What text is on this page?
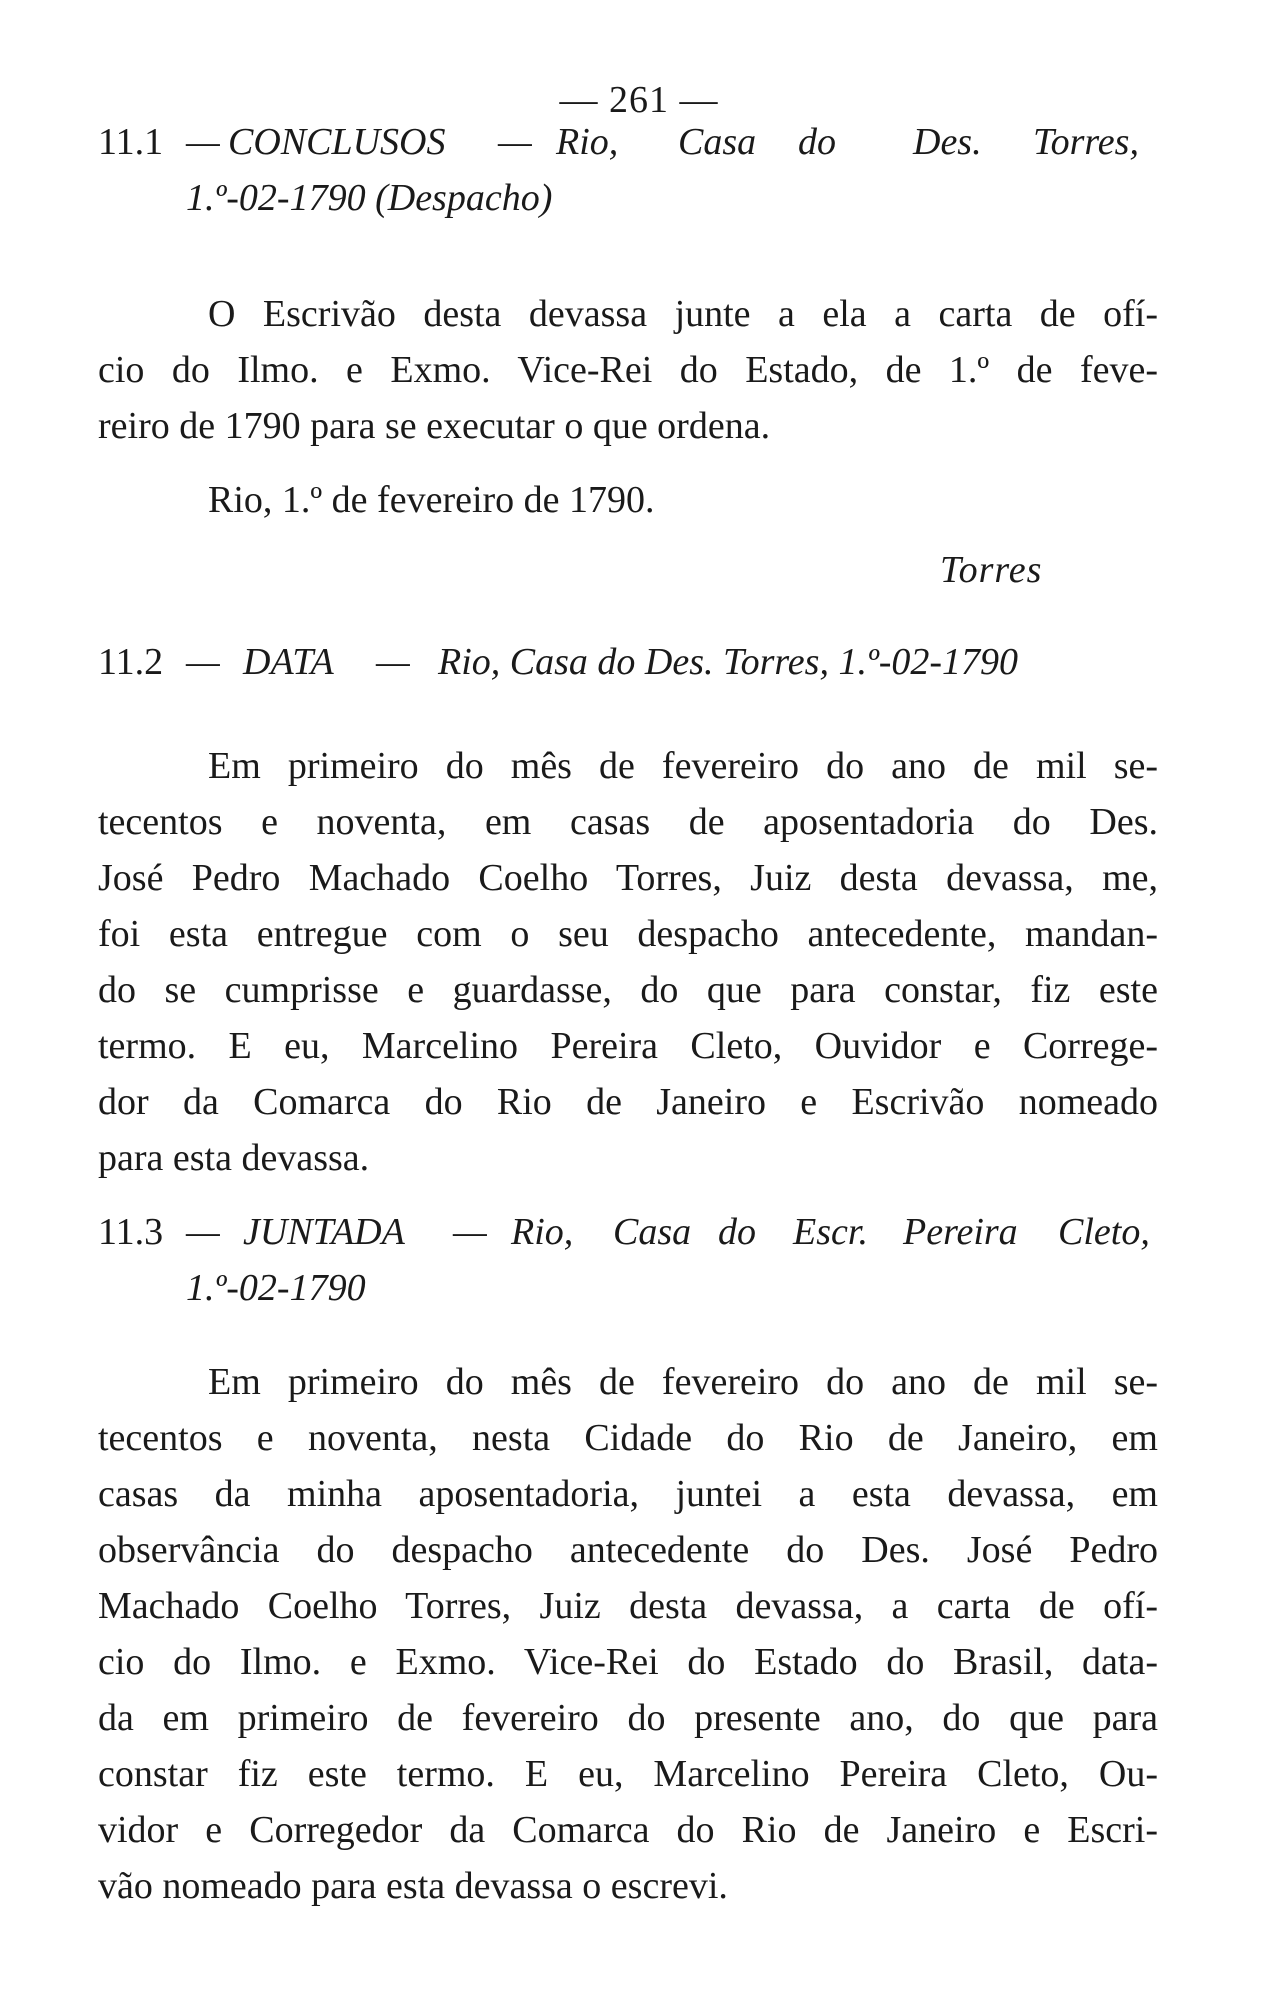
— 261 —
11.1 — CONCLUSOS — Rio, Casa do Des. Torres,
1.º-02-1790 (Despacho)
O Escrivão desta devassa junte a ela a carta de ofí-
cio do Ilmo. e Exmo. Vice-Rei do Estado, de 1.º de feve-
reiro de 1790 para se executar o que ordena.
Rio, 1.º de fevereiro de 1790.
Torres
11.2 — DATA — Rio, Casa do Des. Torres, 1.º-02-1790
Em primeiro do mês de fevereiro do ano de mil se-
tecentos e noventa, em casas de aposentadoria do Des.
José Pedro Machado Coelho Torres, Juiz desta devassa, me,
foi esta entregue com o seu despacho antecedente, mandan-
do se cumprisse e guardasse, do que para constar, fiz este
termo. E eu, Marcelino Pereira Cleto, Ouvidor e Correge-
dor da Comarca do Rio de Janeiro e Escrivão nomeado
para esta devassa.
11.3 — JUNTADA — Rio, Casa do Escr. Pereira Cleto,
1.º-02-1790
Em primeiro do mês de fevereiro do ano de mil se-
tecentos e noventa, nesta Cidade do Rio de Janeiro, em
casas da minha aposentadoria, juntei a esta devassa, em
observância do despacho antecedente do Des. José Pedro
Machado Coelho Torres, Juiz desta devassa, a carta de ofí-
cio do Ilmo. e Exmo. Vice-Rei do Estado do Brasil, data-
da em primeiro de fevereiro do presente ano, do que para
constar fiz este termo. E eu, Marcelino Pereira Cleto, Ou-
vidor e Corregedor da Comarca do Rio de Janeiro e Escri-
vão nomeado para esta devassa o escrevi.
